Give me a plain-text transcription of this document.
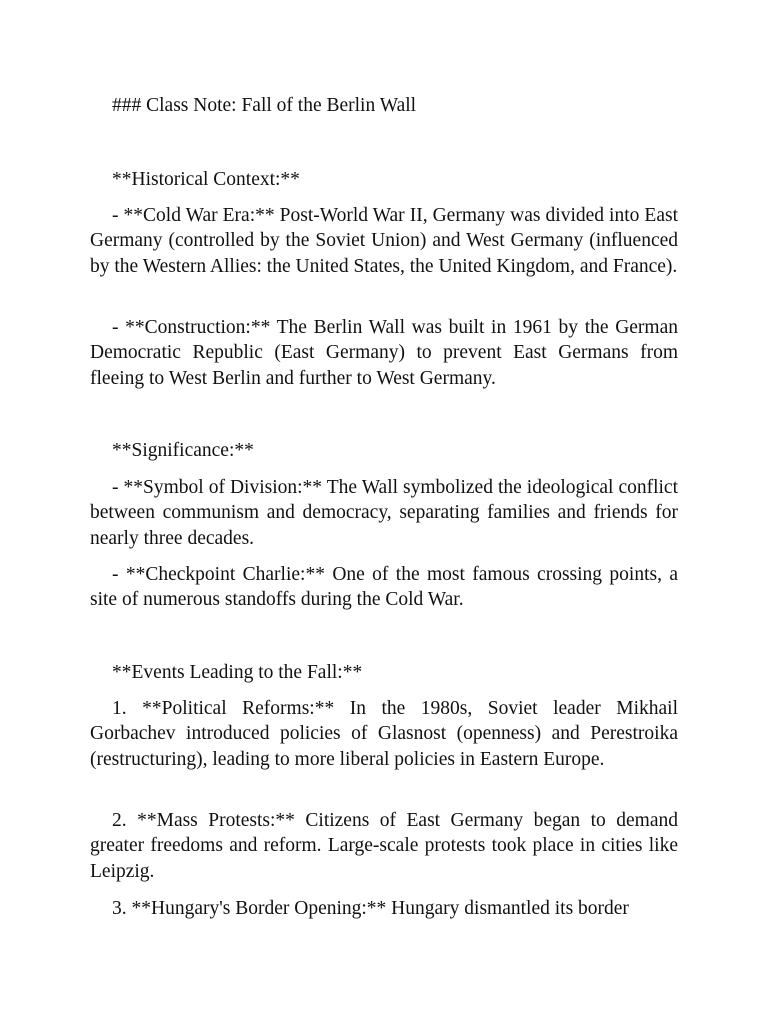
### Class Note: Fall of the Berlin Wall
**Historical Context:**
- **Cold War Era:** Post-World War II, Germany was divided into East Germany (controlled by the Soviet Union) and West Germany (influenced by the Western Allies: the United States, the United Kingdom, and France).
- **Construction:** The Berlin Wall was built in 1961 by the German Democratic Republic (East Germany) to prevent East Germans from fleeing to West Berlin and further to West Germany.
**Significance:**
- **Symbol of Division:** The Wall symbolized the ideological conflict between communism and democracy, separating families and friends for nearly three decades.
- **Checkpoint Charlie:** One of the most famous crossing points, a site of numerous standoffs during the Cold War.
**Events Leading to the Fall:**
1. **Political Reforms:** In the 1980s, Soviet leader Mikhail Gorbachev introduced policies of Glasnost (openness) and Perestroika (restructuring), leading to more liberal policies in Eastern Europe.
2. **Mass Protests:** Citizens of East Germany began to demand greater freedoms and reform. Large-scale protests took place in cities like Leipzig.
3. **Hungary's Border Opening:** Hungary dismantled its border
